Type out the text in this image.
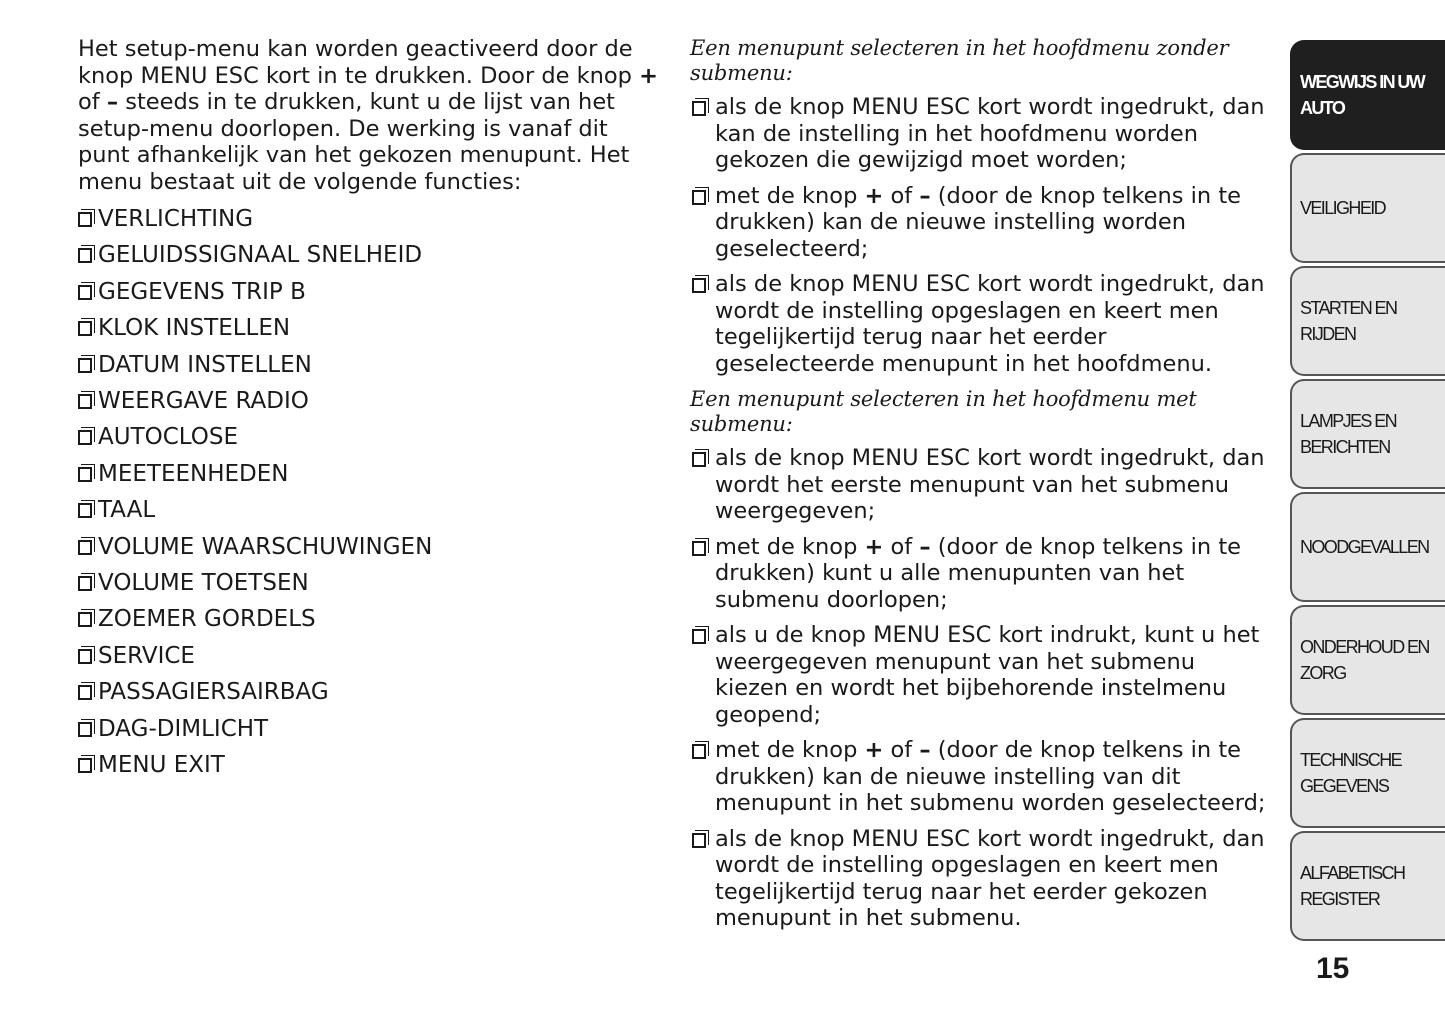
Het setup-menu kan worden geactiveerd door de knop MENU ESC kort in te drukken. Door de knop + of – steeds in te drukken, kunt u de lijst van het setup-menu doorlopen. De werking is vanaf dit punt afhankelijk van het gekozen menupunt. Het menu bestaat uit de volgende functies:

VERLICHTING
GELUIDSSIGNAAL SNELHEID
GEGEVENS TRIP B
KLOK INSTELLEN
DATUM INSTELLEN
WEERGAVE RADIO
AUTOCLOSE
MEETEENHEDEN
TAAL
VOLUME WAARSCHUWINGEN
VOLUME TOETSEN
ZOEMER GORDELS
SERVICE
PASSAGIERSAIRBAG
DAG-DIMLICHT
MENU EXIT

Een menupunt selecteren in het hoofdmenu zonder submenu:

als de knop MENU ESC kort wordt ingedrukt, dan kan de instelling in het hoofdmenu worden gekozen die gewijzigd moet worden;
met de knop + of – (door de knop telkens in te drukken) kan de nieuwe instelling worden geselecteerd;
als de knop MENU ESC kort wordt ingedrukt, dan wordt de instelling opgeslagen en keert men tegelijkertijd terug naar het eerder geselecteerde menupunt in het hoofdmenu.

Een menupunt selecteren in het hoofdmenu met submenu:

als de knop MENU ESC kort wordt ingedrukt, dan wordt het eerste menupunt van het submenu weergegeven;
met de knop + of – (door de knop telkens in te drukken) kunt u alle menupunten van het submenu doorlopen;
als u de knop MENU ESC kort indrukt, kunt u het weergegeven menupunt van het submenu kiezen en wordt het bijbehorende instelmenu geopend;
met de knop + of – (door de knop telkens in te drukken) kan de nieuwe instelling van dit menupunt in het submenu worden geselecteerd;
als de knop MENU ESC kort wordt ingedrukt, dan wordt de instelling opgeslagen en keert men tegelijkertijd terug naar het eerder gekozen menupunt in het submenu.
WEGWIJS IN UW
AUTO
VEILIGHEID
STARTEN EN RIJDEN
LAMPJES EN
BERICHTEN
NOODGEVALLEN
ONDERHOUD EN
ZORG
TECHNISCHE
GEGEVENS
ALFABETISCH
REGISTER
15
